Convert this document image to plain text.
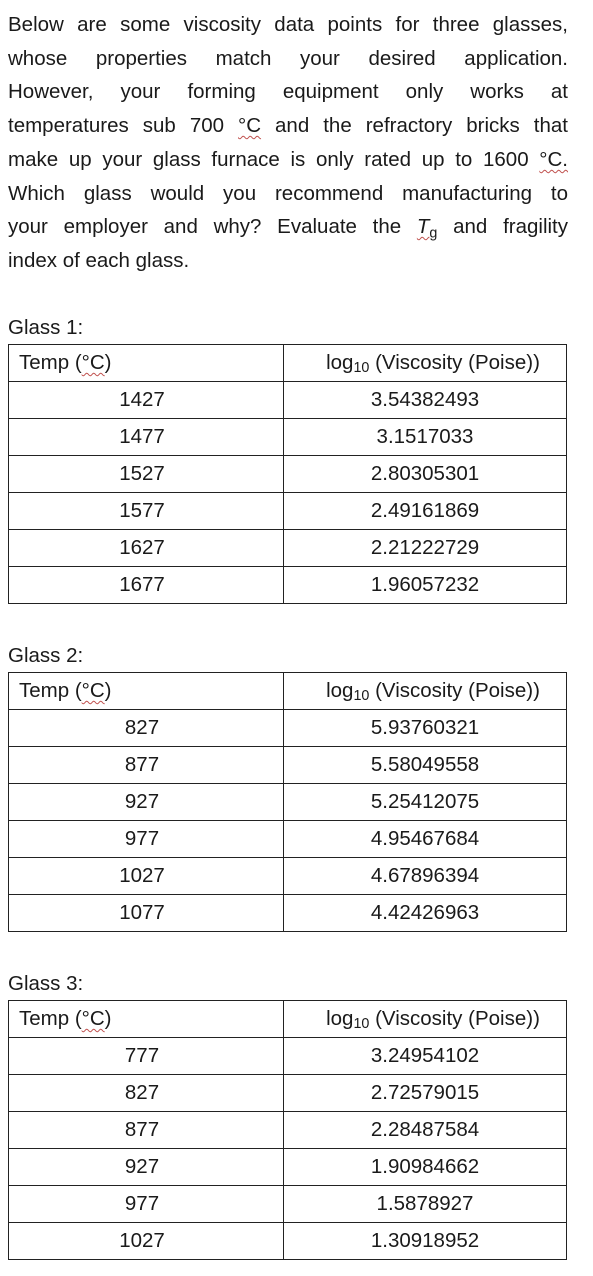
Below are some viscosity data points for three glasses,
whose properties match your desired application.
However, your forming equipment only works at
temperatures sub 700 °C and the refractory bricks that
make up your glass furnace is only rated up to 1600 °C.
Which glass would you recommend manufacturing to
your employer and why? Evaluate the $T_g$ and fragility
index of each glass.

Glass 1:
Temp (°C)	log10 (Viscosity (Poise))
1427	3.54382493
1477	3.1517033
1527	2.80305301
1577	2.49161869
1627	2.21222729
1677	1.96057232
Glass 2:
Temp (°C)	log10 (Viscosity (Poise))
827	5.93760321
877	5.58049558
927	5.25412075
977	4.95467684
1027	4.67896394
1077	4.42426963
Glass 3:
Temp (°C)	log10 (Viscosity (Poise))
777	3.24954102
827	2.72579015
877	2.28487584
927	1.90984662
977	1.5878927
1027	1.30918952
